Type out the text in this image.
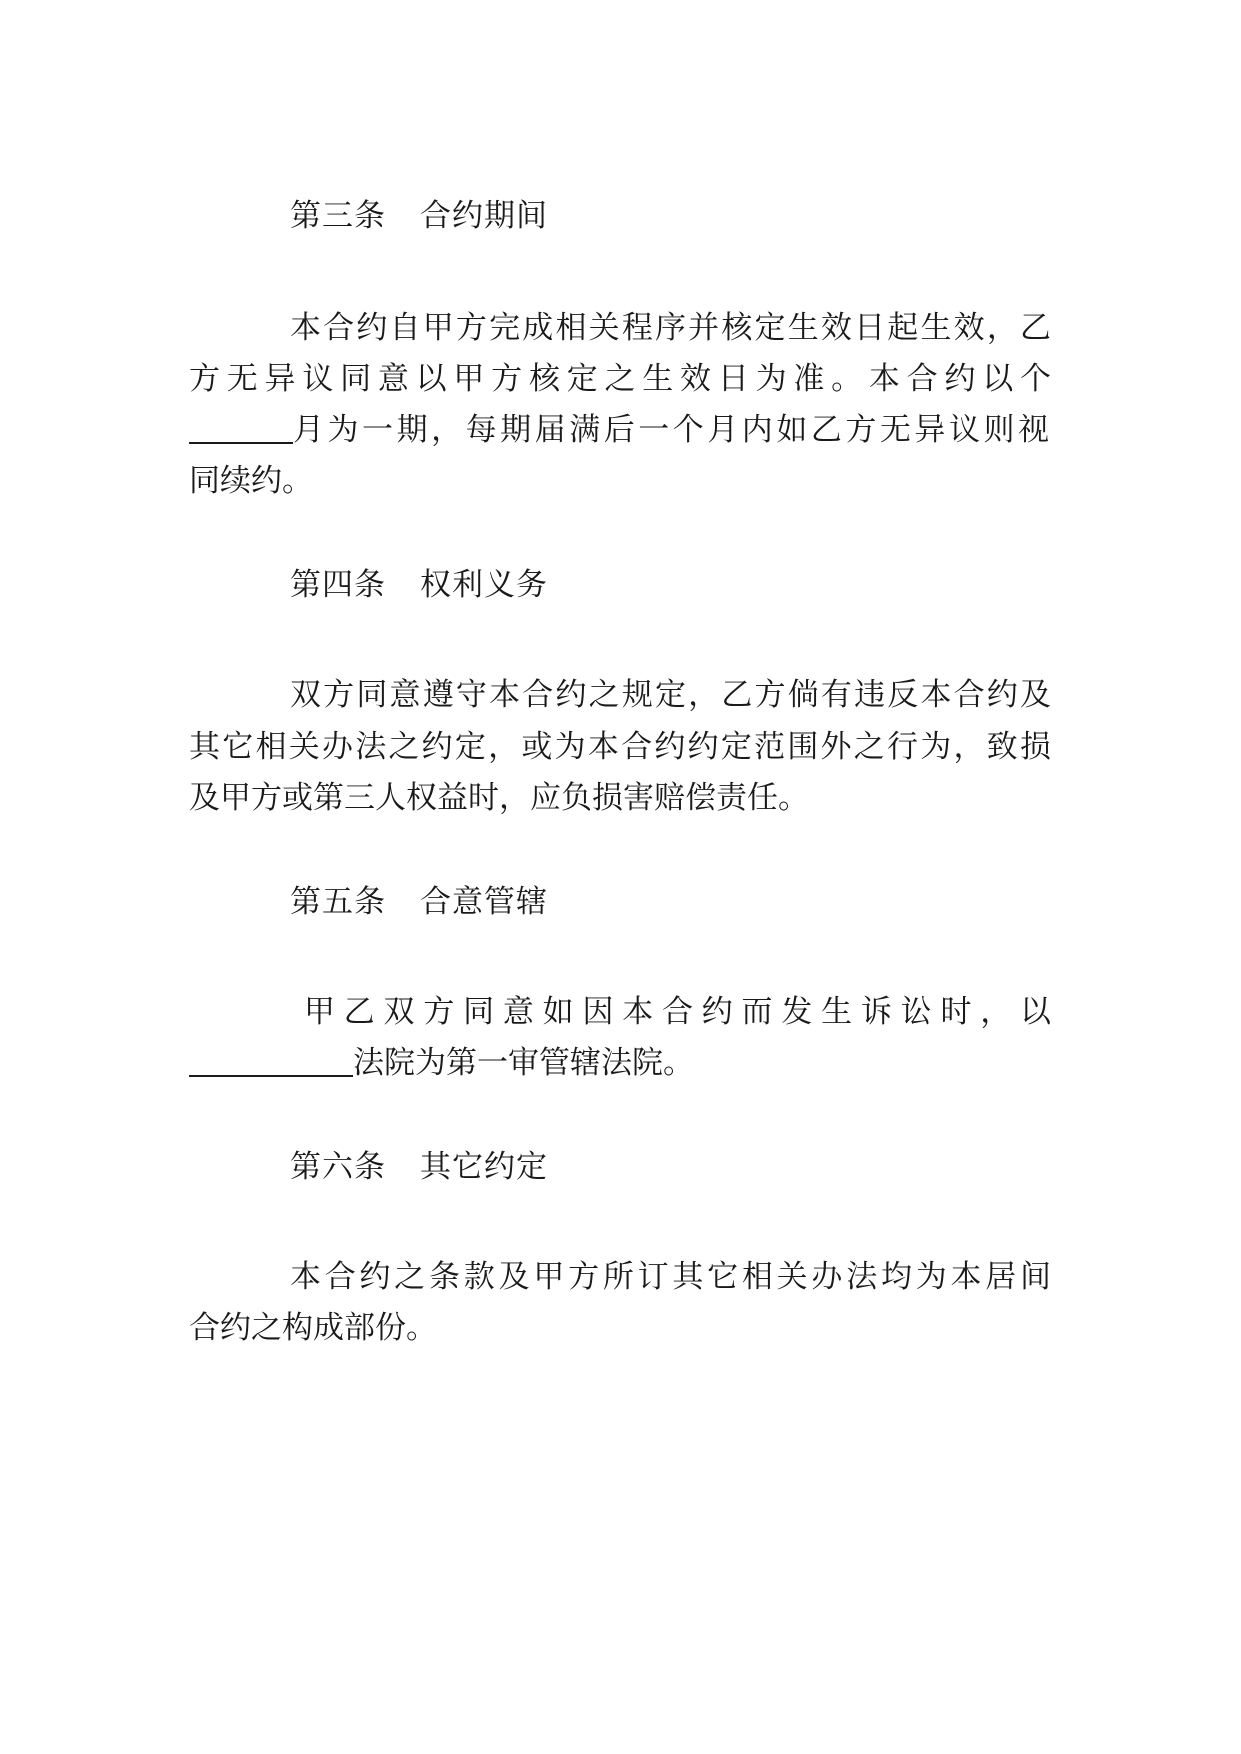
第三条 合约期间
本合约自甲方完成相关程序并核定生效日起生效，乙
方无异议同意以甲方核定之生效日为准。本合约以个
月为一期，每期届满后一个月内如乙方无异议则视
同续约。
第四条 权利义务
双方同意遵守本合约之规定，乙方倘有违反本合约及
其它相关办法之约定，或为本合约约定范围外之行为，致损
及甲方或第三人权益时，应负损害赔偿责任。
第五条 合意管辖
甲乙双方同意如因本合约而发生诉讼时，以
法院为第一审管辖法院。
第六条 其它约定
本合约之条款及甲方所订其它相关办法均为本居间
合约之构成部份。
